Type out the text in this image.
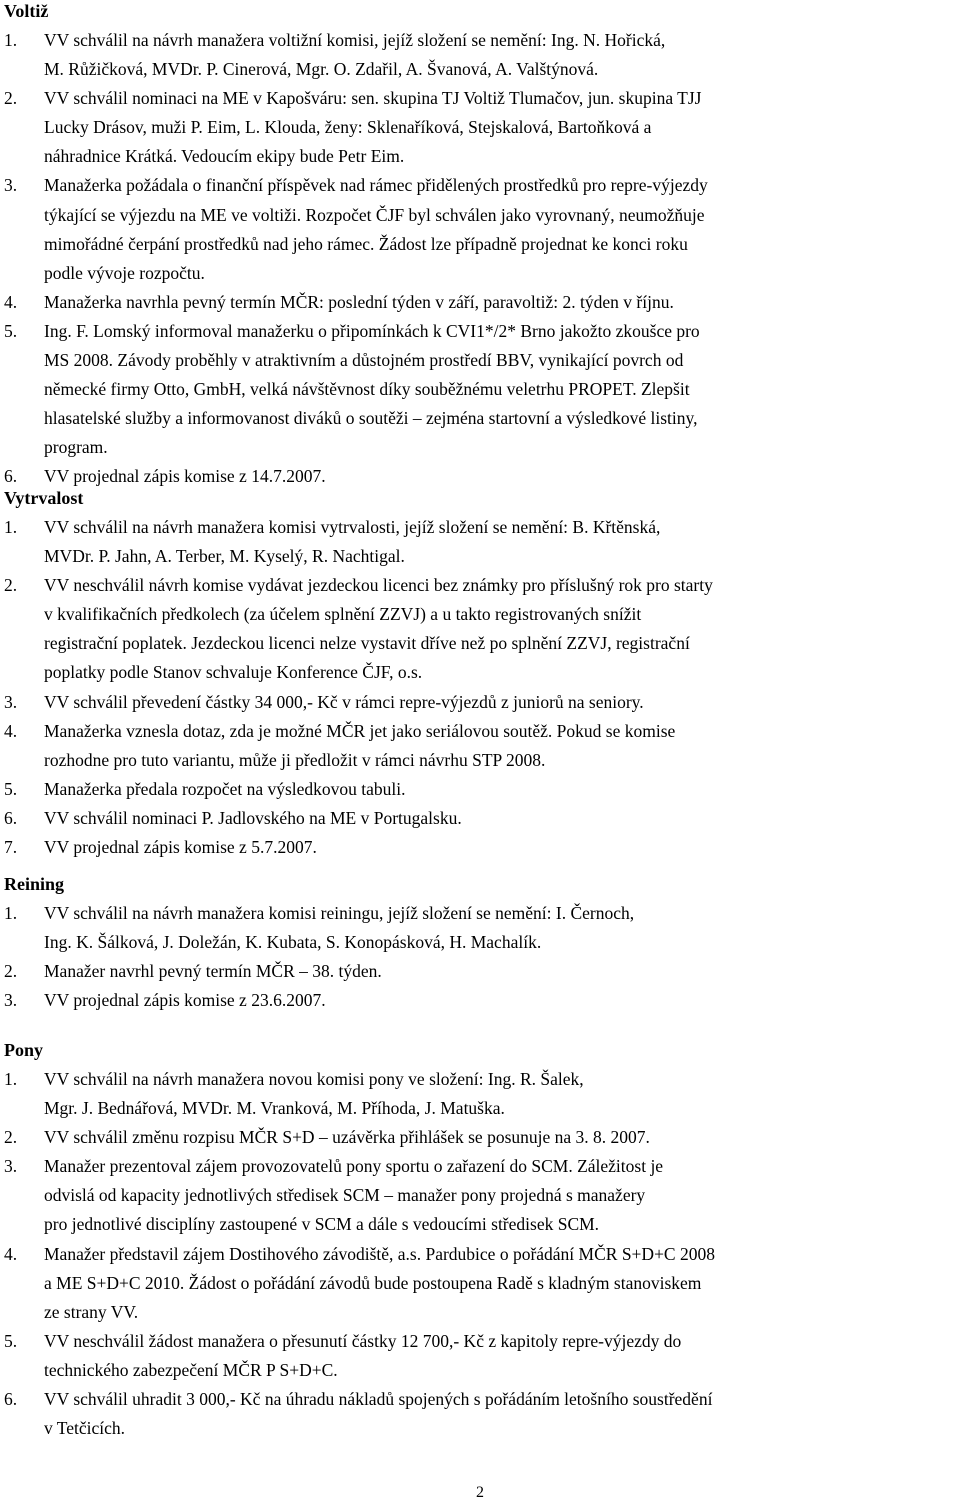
Voltiž
1.	VV schválil na návrh manažera voltižní komisi, jejíž složení se nemění: Ing. N. Hořická,
M. Růžičková, MVDr. P. Cinerová, Mgr. O. Zdařil, A. Švanová, A. Valštýnová.
2.	VV schválil nominaci na ME v Kapošváru: sen. skupina TJ Voltiž Tlumačov, jun. skupina TJJ
Lucky Drásov, muži P. Eim, L. Klouda, ženy: Sklenaříková, Stejskalová, Bartoňková a
náhradnice Krátká. Vedoucím ekipy bude Petr Eim.
3.	Manažerka požádala o finanční příspěvek nad rámec přidělených prostředků pro repre-výjezdy
týkající se výjezdu na ME ve voltiži. Rozpočet ČJF byl schválen jako vyrovnaný, neumožňuje
mimořádné čerpání prostředků nad jeho rámec. Žádost lze případně projednat ke konci roku
podle vývoje rozpočtu.
4.	Manažerka navrhla pevný termín MČR: poslední týden v září, paravoltiž: 2. týden v říjnu.
5.	Ing. F. Lomský informoval manažerku o připomínkách k CVI1*/2* Brno jakožto zkoušce pro
MS 2008. Závody proběhly v atraktivním a důstojném prostředí BBV, vynikající povrch od
německé firmy Otto, GmbH, velká návštěvnost díky souběžnému veletrhu PROPET. Zlepšit
hlasatelské služby a informovanost diváků o soutěži – zejména startovní a výsledkové listiny,
program.
6.	VV projednal zápis komise z 14.7.2007.
Vytrvalost
1.	VV schválil na návrh manažera komisi vytrvalosti, jejíž složení se nemění: B. Křtěnská,
MVDr. P. Jahn, A. Terber, M. Kyselý, R. Nachtigal.
2.	VV neschválil návrh komise vydávat jezdeckou licenci bez známky pro příslušný rok pro starty
v kvalifikačních předkolech (za účelem splnění ZZVJ) a u takto registrovaných snížit
registrační poplatek. Jezdeckou licenci nelze vystavit dříve než po splnění ZZVJ, registrační
poplatky podle Stanov schvaluje Konference ČJF, o.s.
3.	VV schválil převedení částky 34 000,- Kč v rámci repre-výjezdů z juniorů na seniory.
4.	Manažerka vznesla dotaz, zda je možné MČR jet jako seriálovou soutěž. Pokud se komise
rozhodne pro tuto variantu, může ji předložit v rámci návrhu STP 2008.
5.	Manažerka předala rozpočet na výsledkovou tabuli.
6.	VV schválil nominaci P. Jadlovského na ME v Portugalsku.
7.	VV projednal zápis komise z 5.7.2007.
Reining
1.	VV schválil na návrh manažera komisi reiningu, jejíž složení se nemění: I. Černoch,
Ing. K. Šálková, J. Doležán, K. Kubata, S. Konopásková, H. Machalík.
2.	Manažer navrhl pevný termín MČR – 38. týden.
3.	VV projednal zápis komise z 23.6.2007.
Pony
1.	VV schválil na návrh manažera novou komisi pony ve složení: Ing. R. Šalek,
Mgr. J. Bednářová, MVDr. M. Vranková, M. Příhoda, J. Matuška.
2.	VV schválil změnu rozpisu MČR S+D – uzávěrka přihlášek se posunuje na 3. 8. 2007.
3.	Manažer prezentoval zájem provozovatelů pony sportu o zařazení do SCM. Záležitost je
odvislá od kapacity jednotlivých středisek SCM – manažer pony projedná s manažery
pro jednotlivé disciplíny zastoupené v SCM a dále s vedoucími středisek SCM.
4.	Manažer představil zájem Dostihového závodiště, a.s. Pardubice o pořádání MČR S+D+C 2008
a ME S+D+C 2010. Žádost o pořádání závodů bude postoupena Radě s kladným stanoviskem
ze strany VV.
5.	VV neschválil žádost manažera o přesunutí částky 12 700,- Kč z kapitoly repre-výjezdy do
technického zabezpečení MČR P S+D+C.
6.	VV schválil uhradit 3 000,- Kč na úhradu nákladů spojených s pořádáním letošního soustředění
v Tetčicích.
2
